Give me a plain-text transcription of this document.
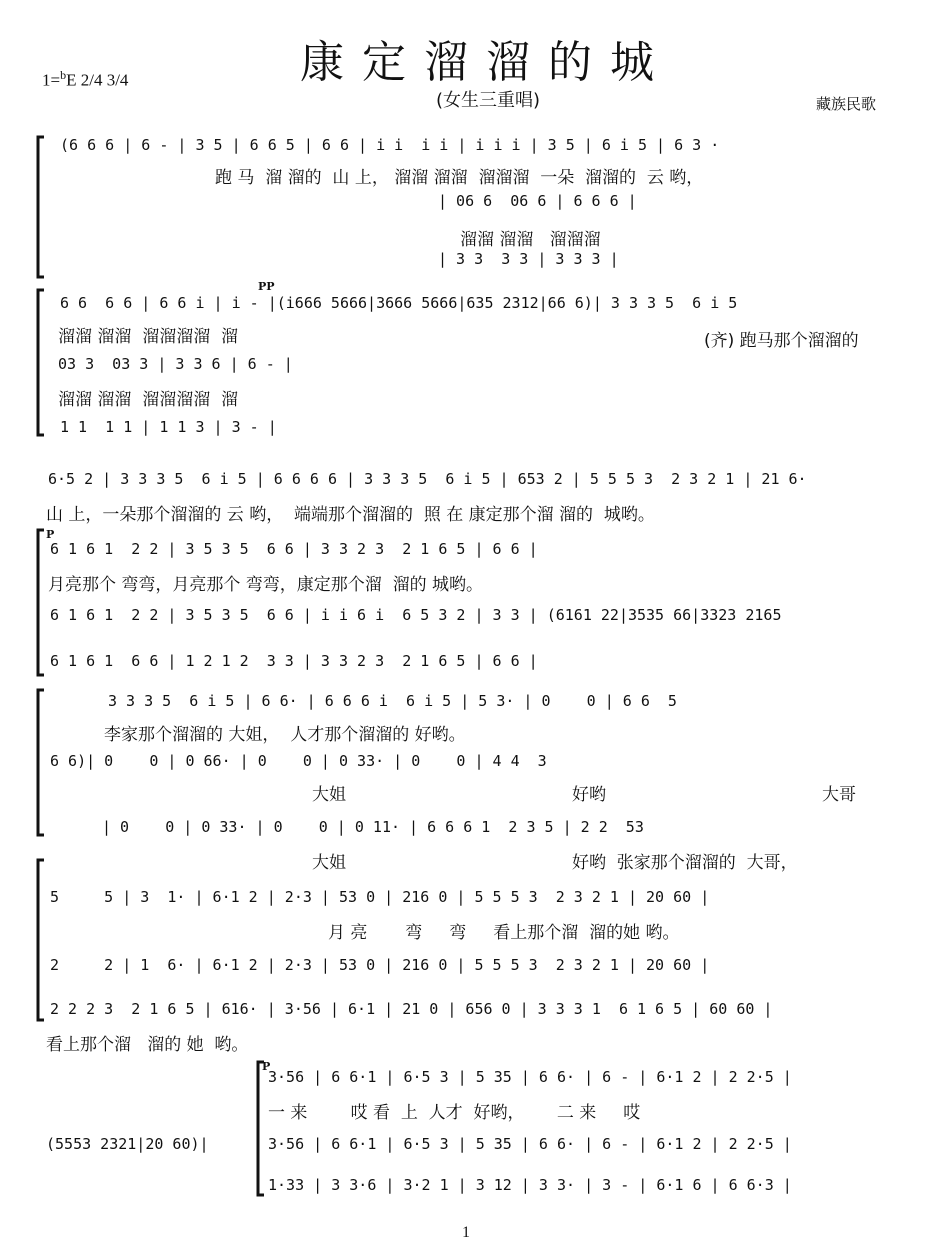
康定溜溜的城
(女生三重唱)
1=$^b$E 2/4 3/4
藏族民歌
(6 6 6 | 6 - | 3 5 | 6 6 5 | 6 6 | i i  i i | i i i | 3 5 | 6 i 5 | 6 3 ·
跑 马  溜 溜的  山 上， 溜溜 溜溜  溜溜溜  一朵  溜溜的  云 哟，
| 06 6  06 6 | 6 6 6 |
溜溜 溜溜   溜溜溜
| 3 3  3 3 | 3 3 3 |
PP
6 6  6 6 | 6 6 i | i - |(i666 5666|3666 5666|635 2312|66 6)| 3 3 3 5  6 i 5
溜溜 溜溜  溜溜溜溜  溜	(齐) 跑马那个溜溜的
03 3  03 3 | 3 3 6 | 6 - |
溜溜 溜溜  溜溜溜溜  溜
1 1  1 1 | 1 1 3 | 3 - |
6·5 2 | 3 3 3 5  6 i 5 | 6 6 6 6 | 3 3 3 5  6 i 5 | 653 2 | 5 5 5 3  2 3 2 1 | 21 6·
山 上，一朵那个溜溜的 云 哟，  端端那个溜溜的  照 在 康定那个溜 溜的  城哟。
P
6 1 6 1  2 2 | 3 5 3 5  6 6 | 3 3 2 3  2 1 6 5 | 6 6 |
月亮那个 弯弯，月亮那个 弯弯，康定那个溜  溜的 城哟。
6 1 6 1  2 2 | 3 5 3 5  6 6 | i i 6 i  6 5 3 2 | 3 3 | (6161 22|3535 66|3323 2165
6 1 6 1  6 6 | 1 2 1 2  3 3 | 3 3 2 3  2 1 6 5 | 6 6 |
3 3 3 5  6 i 5 | 6 6· | 6 6 6 i  6 i 5 | 5 3· | 0    0 | 6 6  5
李家那个溜溜的 大姐，  人才那个溜溜的 好哟。
6 6)| 0    0 | 0 66· | 0    0 | 0 33· | 0    0 | 4 4  3
大姐	好哟	大哥
| 0    0 | 0 33· | 0    0 | 0 11· | 6 6 6 1  2 3 5 | 2 2  53
大姐	好哟  张家那个溜溜的  大哥，
5     5 | 3  1· | 6·1 2 | 2·3 | 53 0 | 216 0 | 5 5 5 3  2 3 2 1 | 20 60 |
月 亮       弯     弯     看上那个溜  溜的她 哟。
2     2 | 1  6· | 6·1 2 | 2·3 | 53 0 | 216 0 | 5 5 5 3  2 3 2 1 | 20 60 |
2 2 2 3  2 1 6 5 | 616· | 3·56 | 6·1 | 21 0 | 656 0 | 3 3 3 1  6 1 6 5 | 60 60 |
看上那个溜   溜的 她  哟。
P
3·56 | 6 6·1 | 6·5 3 | 5 35 | 6 6· | 6 - | 6·1 2 | 2 2·5 |
一 来        哎 看  上  人才  好哟，      二 来     哎
(5553 2321|20 60)|	3·56 | 6 6·1 | 6·5 3 | 5 35 | 6 6· | 6 - | 6·1 2 | 2 2·5 |
1·33 | 3 3·6 | 3·2 1 | 3 12 | 3 3· | 3 - | 6·1 6 | 6 6·3 |
1
